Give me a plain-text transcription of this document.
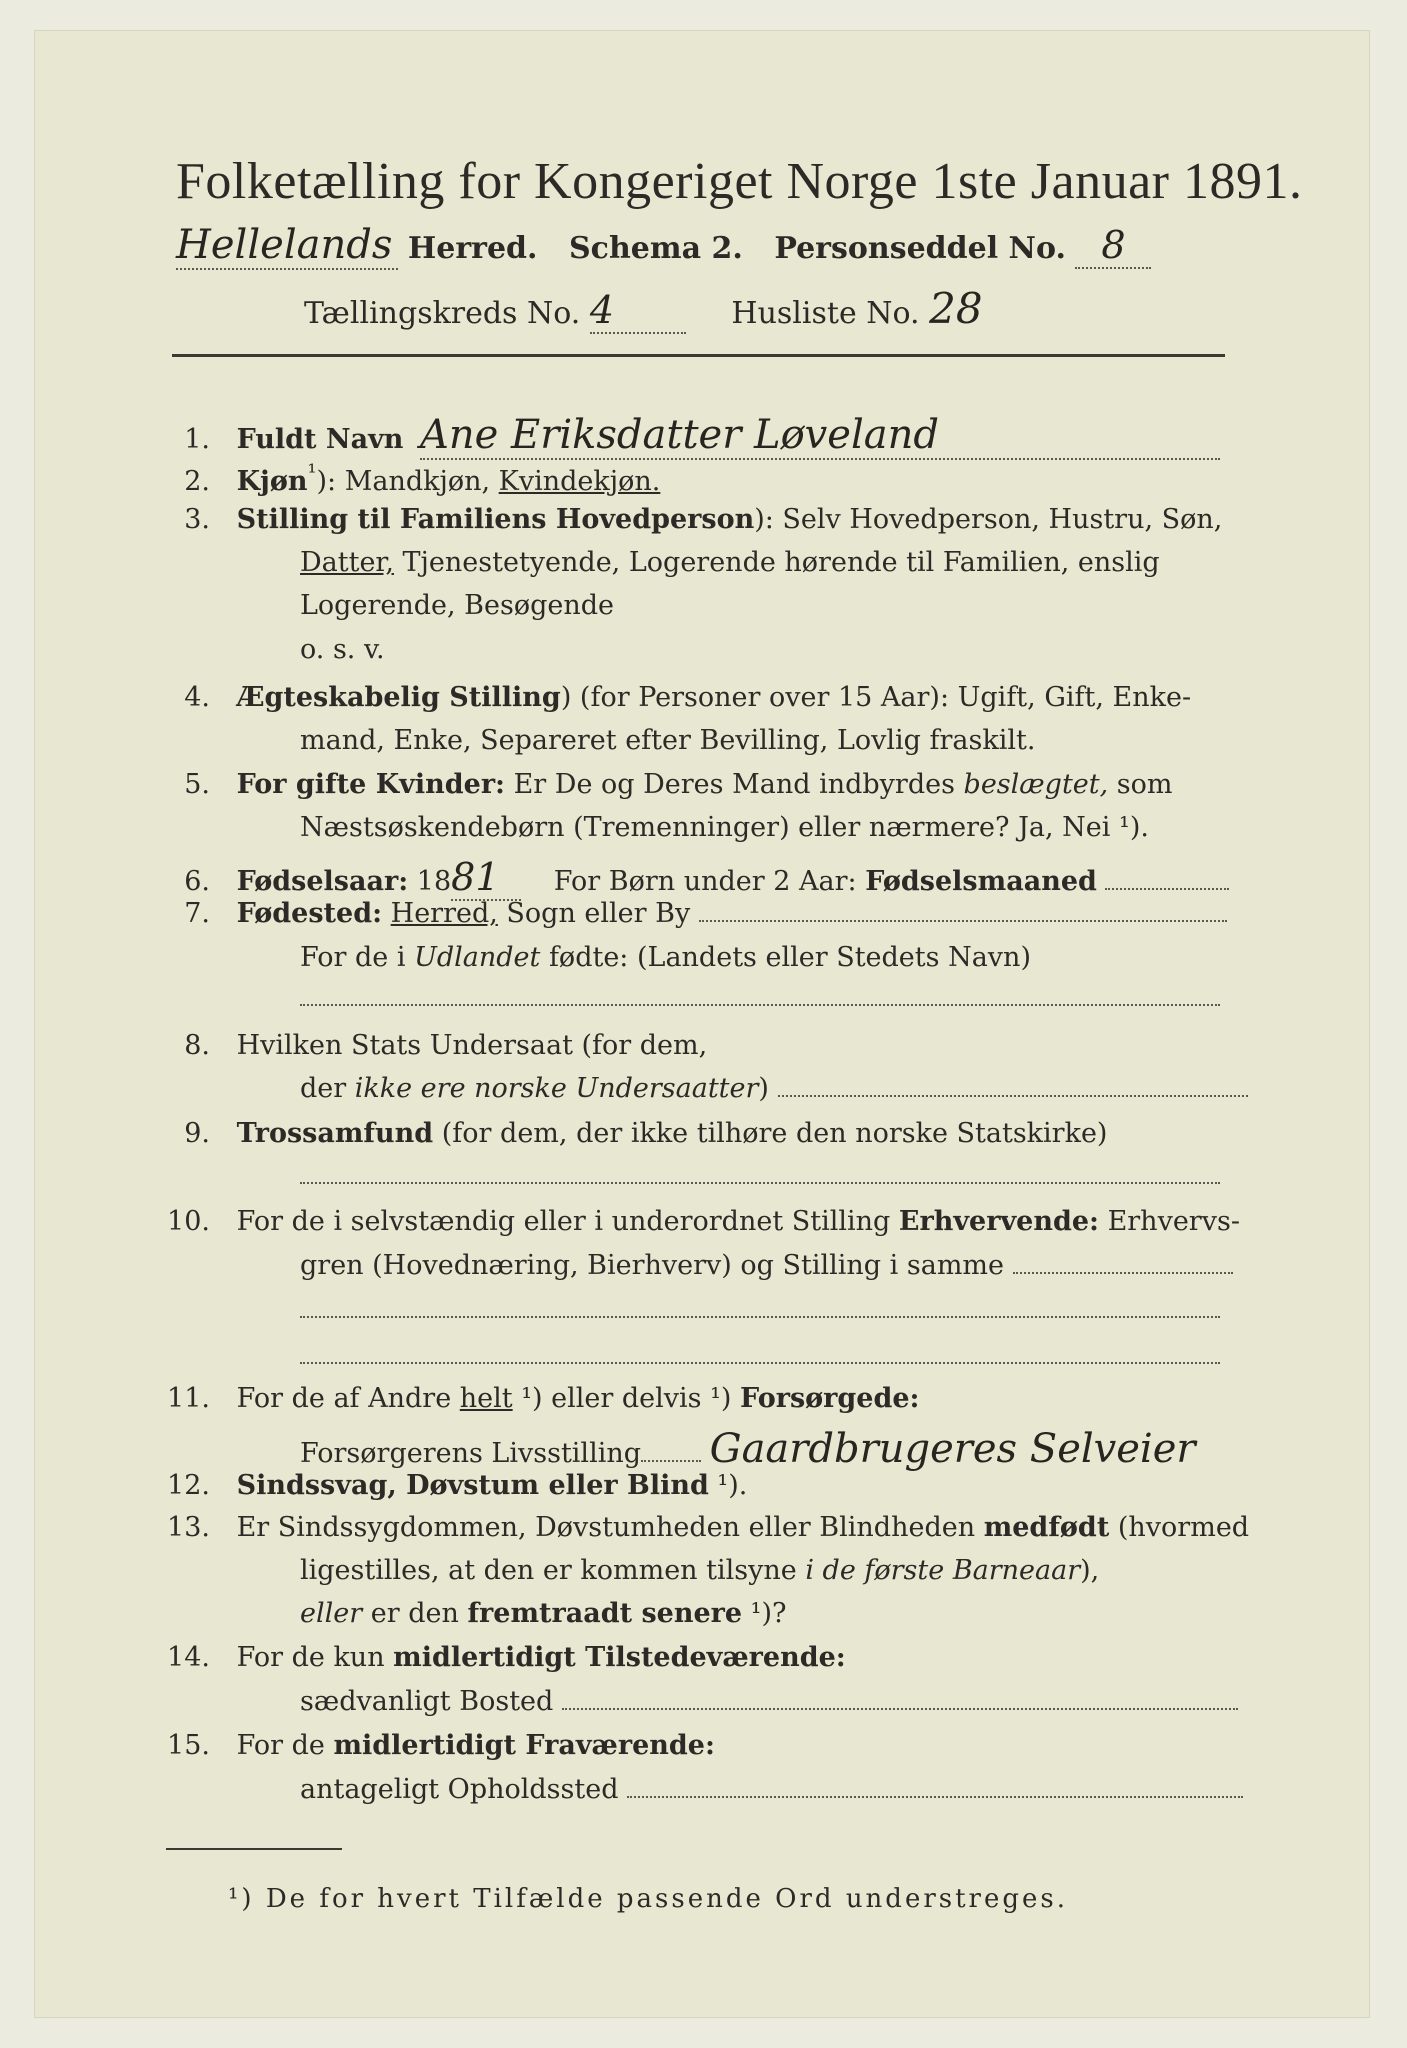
Folketælling for Kongeriget Norge 1ste Januar 1891.
Hellelands Herred. Schema 2. Personseddel No. 8
Tællingskreds No. 4	Husliste No. 28
1. Fuldt Navn Ane Eriksdatter Løveland
2. Kjøn$^{^1}$): Mandkjøn, Kvindekjøn.
3. Stilling til Familiens Hovedperson): Selv Hovedperson, Hustru, Søn,
Datter, Tjenestetyende, Logerende hørende til Familien, enslig
Logerende, Besøgende
o. s. v.
4. Ægteskabelig Stilling) (for Personer over 15 Aar): Ugift, Gift, Enke-
mand, Enke, Separeret efter Bevilling, Lovlig fraskilt.
5. For gifte Kvinder: Er De og Deres Mand indbyrdes beslægtet, som
Næstsøskendebørn (Tremenninger) eller nærmere? Ja, Nei ¹).
6. Fødselsaar: 1881 For Børn under 2 Aar: Fødselsmaaned
7. Fødested: Herred, Sogn eller By
For de i Udlandet fødte: (Landets eller Stedets Navn)
8. Hvilken Stats Undersaat (for dem,
der ikke ere norske Undersaatter)
9. Trossamfund (for dem, der ikke tilhøre den norske Statskirke)
10. For de i selvstændig eller i underordnet Stilling Erhvervende: Erhvervs-
gren (Hovednæring, Bierhverv) og Stilling i samme
11. For de af Andre helt ¹) eller delvis ¹) Forsørgede:
Forsørgerens Livsstilling Gaardbrugeres Selveier
12. Sindssvag, Døvstum eller Blind ¹).
13. Er Sindssygdommen, Døvstumheden eller Blindheden medfødt (hvormed
ligestilles, at den er kommen tilsyne i de første Barneaar),
eller er den fremtraadt senere ¹)?
14. For de kun midlertidigt Tilstedeværende:
sædvanligt Bosted
15. For de midlertidigt Fraværende:
antageligt Opholdssted
¹) De for hvert Tilfælde passende Ord understreges.
